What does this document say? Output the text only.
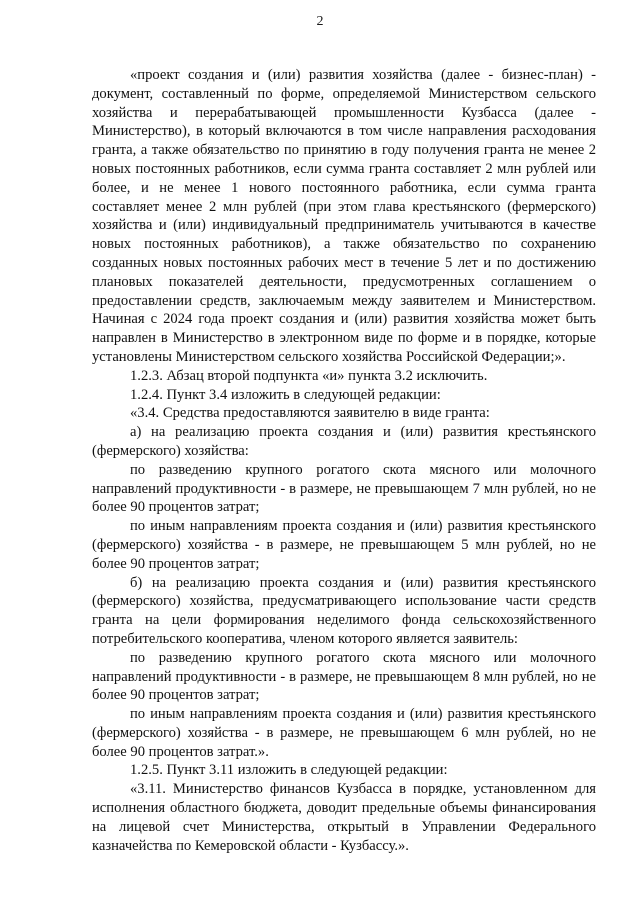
2

«проект создания и (или) развития хозяйства (далее - бизнес-план) - документ, составленный по форме, определяемой Министерством сельского хозяйства и перерабатывающей промышленности Кузбасса (далее - Министерство), в который включаются в том числе направления расходования гранта, а также обязательство по принятию в году получения гранта не менее 2 новых постоянных работников, если сумма гранта составляет 2 млн рублей или более, и не менее 1 нового постоянного работника, если сумма гранта составляет менее 2 млн рублей (при этом глава крестьянского (фермерского) хозяйства и (или) индивидуальный предприниматель учитываются в качестве новых постоянных работников), а также обязательство по сохранению созданных новых постоянных рабочих мест в течение 5 лет и по достижению плановых показателей деятельности, предусмотренных соглашением о предоставлении средств, заключаемым между заявителем и Министерством. Начиная с 2024 года проект создания и (или) развития хозяйства может быть направлен в Министерство в электронном виде по форме и в порядке, которые установлены Министерством сельского хозяйства Российской Федерации;».

1.2.3. Абзац второй подпункта «и» пункта 3.2 исключить.

1.2.4. Пункт 3.4 изложить в следующей редакции:

«3.4. Средства предоставляются заявителю в виде гранта:

а) на реализацию проекта создания и (или) развития крестьянского (фермерского) хозяйства:

по разведению крупного рогатого скота мясного или молочного направлений продуктивности - в размере, не превышающем 7 млн рублей, но не более 90 процентов затрат;

по иным направлениям проекта создания и (или) развития крестьянского (фермерского) хозяйства - в размере, не превышающем 5 млн рублей, но не более 90 процентов затрат;

б) на реализацию проекта создания и (или) развития крестьянского (фермерского) хозяйства, предусматривающего использование части средств гранта на цели формирования неделимого фонда сельскохозяйственного потребительского кооператива, членом которого является заявитель:

по разведению крупного рогатого скота мясного или молочного направлений продуктивности - в размере, не превышающем 8 млн рублей, но не более 90 процентов затрат;

по иным направлениям проекта создания и (или) развития крестьянского (фермерского) хозяйства - в размере, не превышающем 6 млн рублей, но не более 90 процентов затрат.».

1.2.5. Пункт 3.11 изложить в следующей редакции:

«3.11. Министерство финансов Кузбасса в порядке, установленном для исполнения областного бюджета, доводит предельные объемы финансирования на лицевой счет Министерства, открытый в Управлении Федерального казначейства по Кемеровской области - Кузбассу.».
